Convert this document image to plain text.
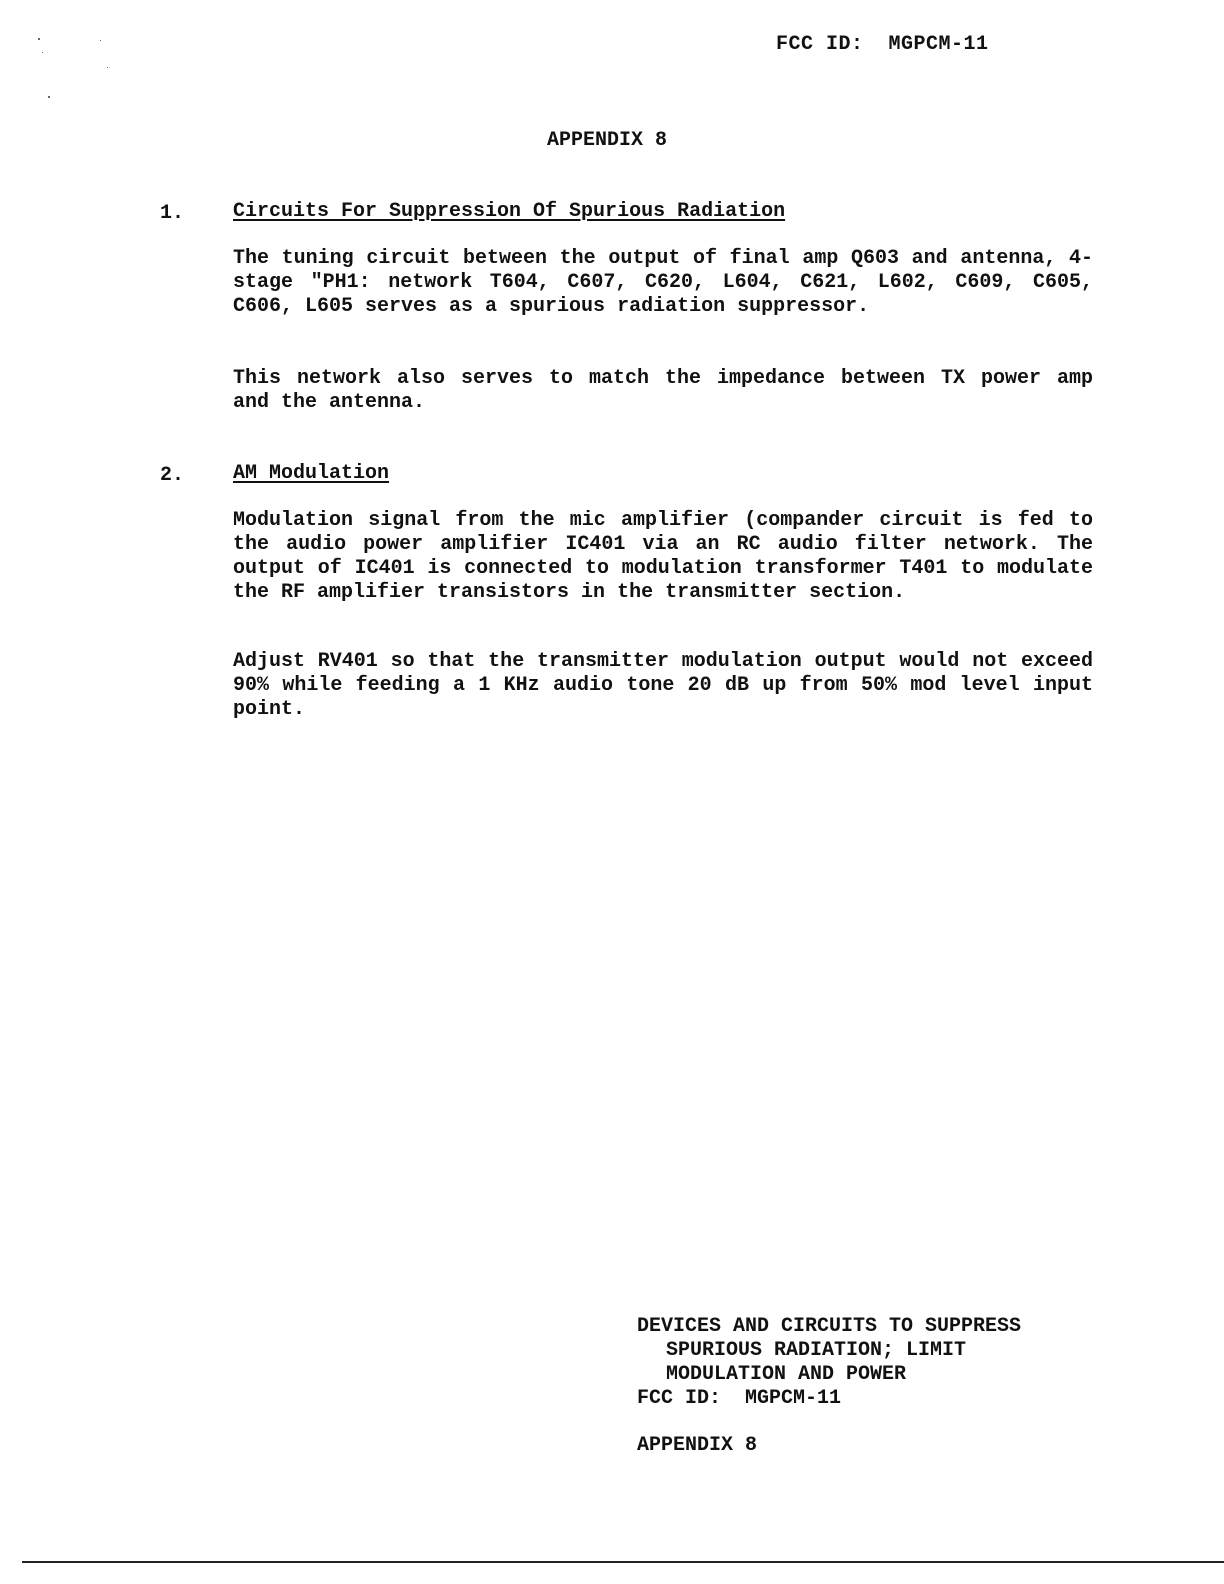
FCC ID:  MGPCM-11
APPENDIX 8
1. Circuits For Suppression Of Spurious Radiation

The tuning circuit between the output of final amp Q603 and antenna, 4-stage "PH1: network T604, C607, C620, L604, C621, L602, C609, C605, C606, L605 serves as a spurious radiation suppressor.

This network also serves to match the impedance between TX power amp and the antenna.

2. AM Modulation

Modulation signal from the mic amplifier (compander circuit is fed to the audio power amplifier IC401 via an RC audio filter network. The output of IC401 is connected to modulation transformer T401 to modulate the RF amplifier transistors in the transmitter section.

Adjust RV401 so that the transmitter modulation output would not exceed 90% while feeding a 1 KHz audio tone 20 dB up from 50% mod level input point.

DEVICES AND CIRCUITS TO SUPPRESS
SPURIOUS RADIATION; LIMIT
MODULATION AND POWER
FCC ID:  MGPCM-11
APPENDIX 8
